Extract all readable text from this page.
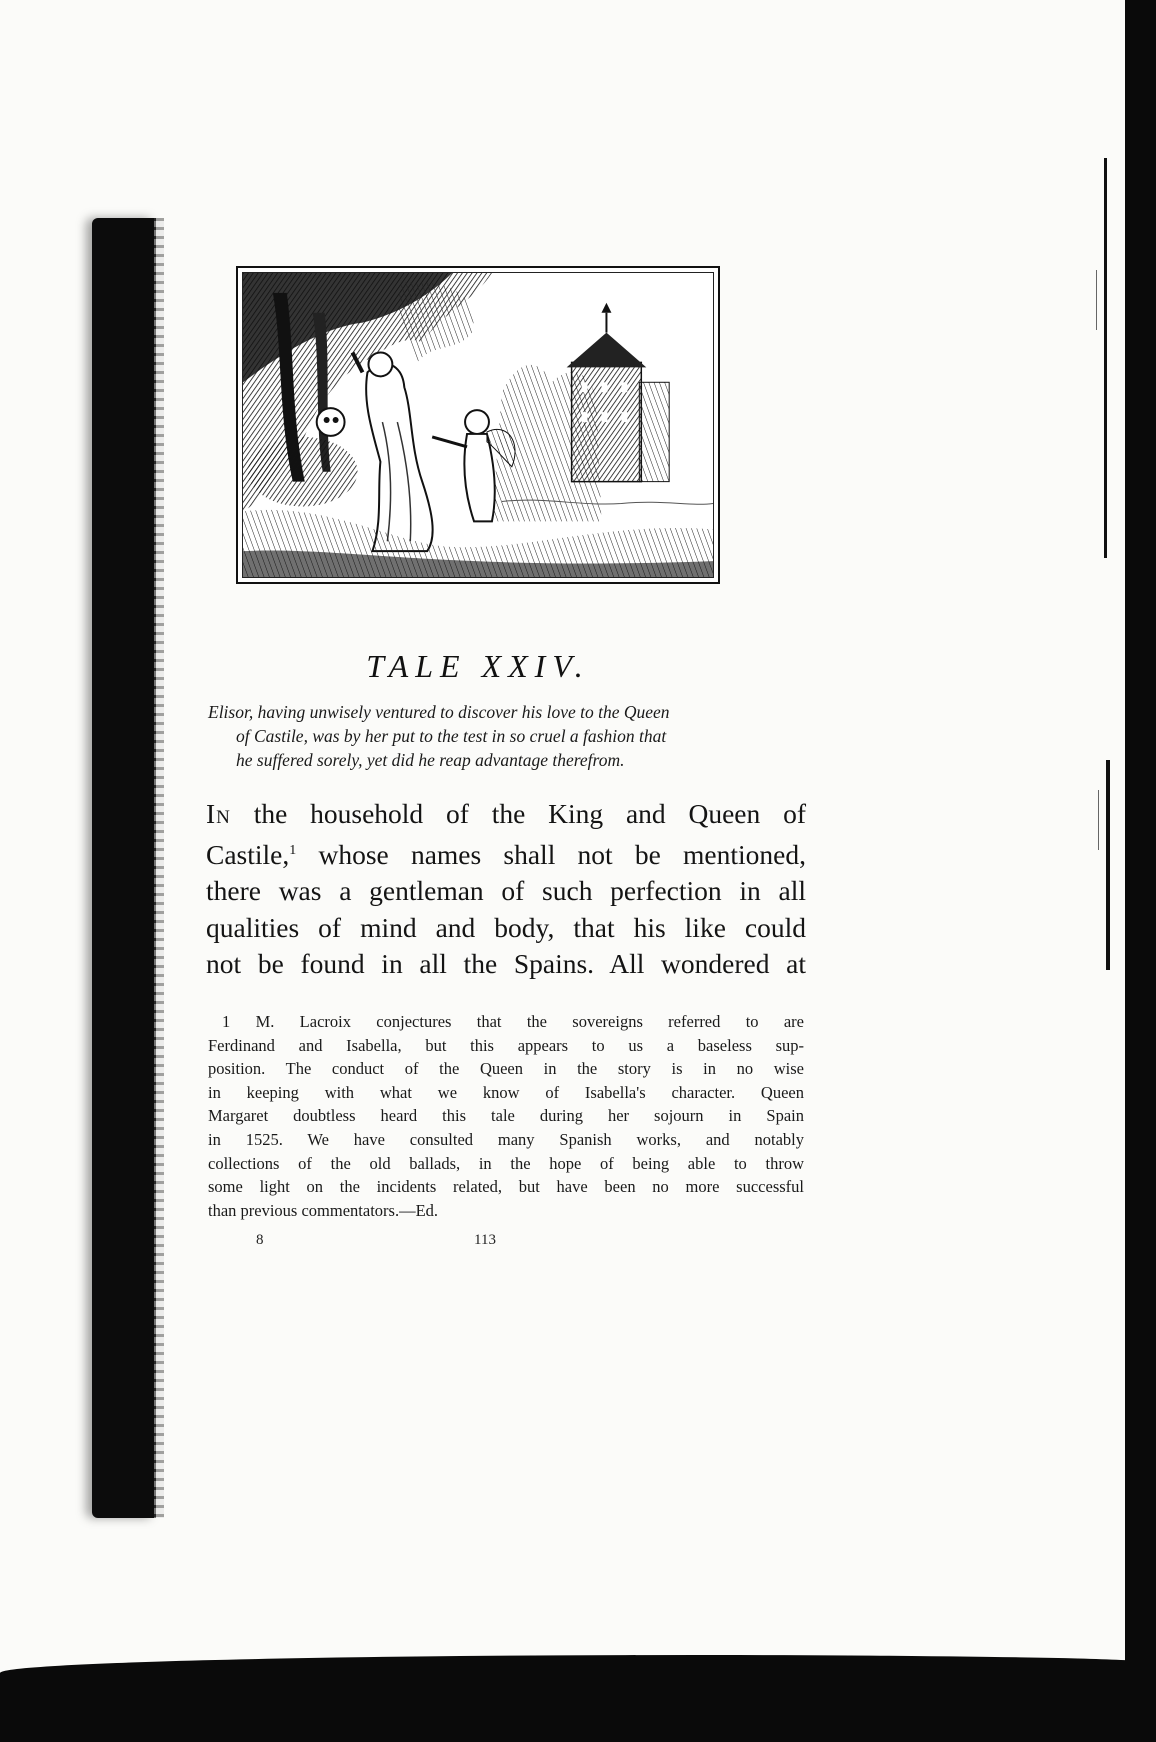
TALE XXIV.
Elisor, having unwisely ventured to discover his love to the Queen
of Castile, was by her put to the test in so cruel a fashion that
he suffered sorely, yet did he reap advantage therefrom.
In the household of the King and Queen of
Castile,$^1$ whose names shall not be mentioned,
there was a gentleman of such perfection in all
qualities of mind and body, that his like could
not be found in all the Spains. All wondered at
1 M. Lacroix conjectures that the sovereigns referred to are
Ferdinand and Isabella, but this appears to us a baseless sup-
position. The conduct of the Queen in the story is in no wise
in keeping with what we know of Isabella's character. Queen
Margaret doubtless heard this tale during her sojourn in Spain
in 1525. We have consulted many Spanish works, and notably
collections of the old ballads, in the hope of being able to throw
some light on the incidents related, but have been no more successful
than previous commentators.—Ed.
8	113
